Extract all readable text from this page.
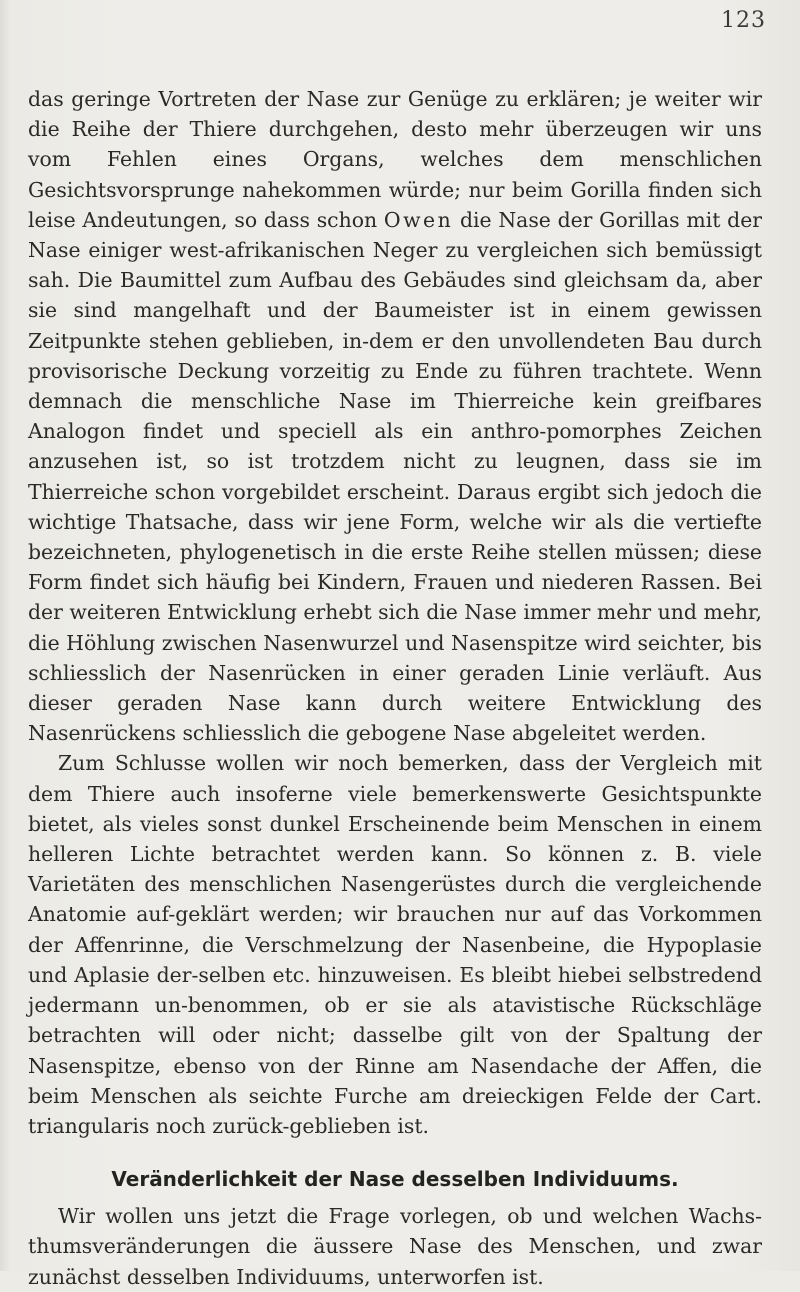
123

das geringe Vortreten der Nase zur Genüge zu erklären; je weiter wir die Reihe der Thiere durchgehen, desto mehr überzeugen wir uns vom Fehlen eines Organs, welches dem menschlichen Gesichtsvorsprunge nahekommen würde; nur beim Gorilla finden sich leise Andeutungen, so dass schon Owen die Nase der Gorillas mit der Nase einiger west-afrikanischen Neger zu vergleichen sich bemüssigt sah. Die Baumittel zum Aufbau des Gebäudes sind gleichsam da, aber sie sind mangelhaft und der Baumeister ist in einem gewissen Zeitpunkte stehen geblieben, in-dem er den unvollendeten Bau durch provisorische Deckung vorzeitig zu Ende zu führen trachtete. Wenn demnach die menschliche Nase im Thierreiche kein greifbares Analogon findet und speciell als ein anthro-pomorphes Zeichen anzusehen ist, so ist trotzdem nicht zu leugnen, dass sie im Thierreiche schon vorgebildet erscheint. Daraus ergibt sich jedoch die wichtige Thatsache, dass wir jene Form, welche wir als die vertiefte bezeichneten, phylogenetisch in die erste Reihe stellen müssen; diese Form findet sich häufig bei Kindern, Frauen und niederen Rassen. Bei der weiteren Entwicklung erhebt sich die Nase immer mehr und mehr, die Höhlung zwischen Nasenwurzel und Nasenspitze wird seichter, bis schliesslich der Nasenrücken in einer geraden Linie verläuft. Aus dieser geraden Nase kann durch weitere Entwicklung des Nasenrückens schliesslich die gebogene Nase abgeleitet werden.

Zum Schlusse wollen wir noch bemerken, dass der Vergleich mit dem Thiere auch insoferne viele bemerkenswerte Gesichtspunkte bietet, als vieles sonst dunkel Erscheinende beim Menschen in einem helleren Lichte betrachtet werden kann. So können z. B. viele Varietäten des menschlichen Nasengerüstes durch die vergleichende Anatomie auf-geklärt werden; wir brauchen nur auf das Vorkommen der Affenrinne, die Verschmelzung der Nasenbeine, die Hypoplasie und Aplasie der-selben etc. hinzuweisen. Es bleibt hiebei selbstredend jedermann un-benommen, ob er sie als atavistische Rückschläge betrachten will oder nicht; dasselbe gilt von der Spaltung der Nasenspitze, ebenso von der Rinne am Nasendache der Affen, die beim Menschen als seichte Furche am dreieckigen Felde der Cart. triangularis noch zurück-geblieben ist.

Veränderlichkeit der Nase desselben Individuums.

Wir wollen uns jetzt die Frage vorlegen, ob und welchen Wachs-thumsveränderungen die äussere Nase des Menschen, und zwar zunächst desselben Individuums, unterworfen ist.
